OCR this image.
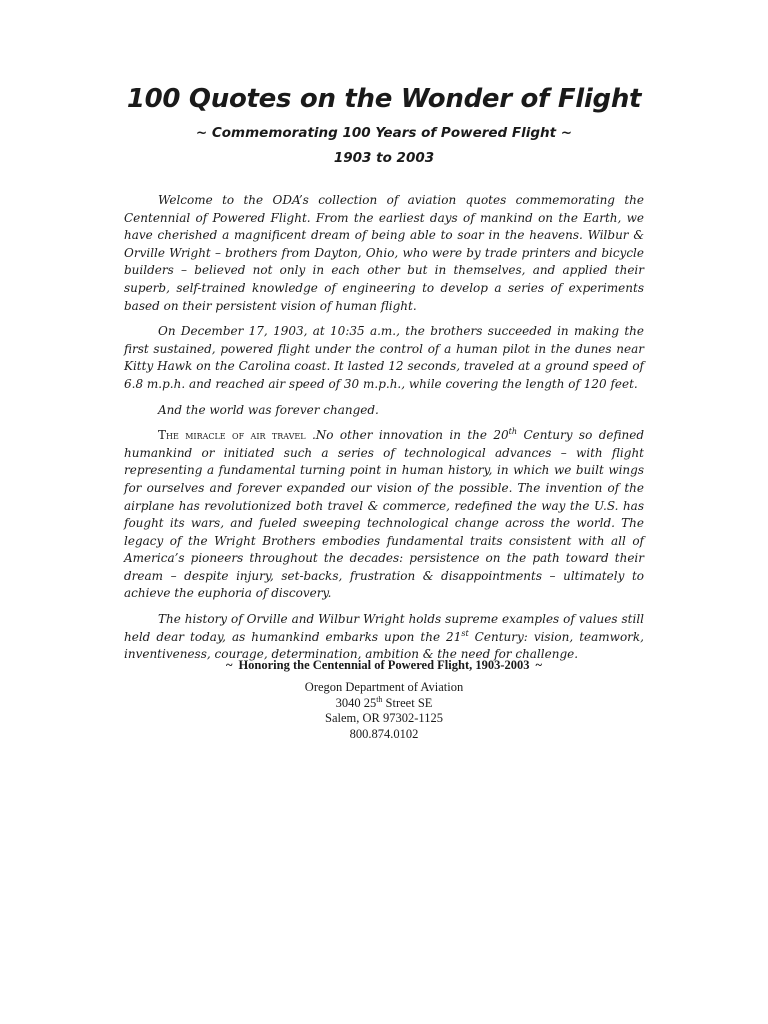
100 Quotes on the Wonder of Flight
~ Commemorating 100 Years of Powered Flight ~
1903 to 2003

Welcome to the ODA’s collection of aviation quotes commemorating the Centennial of Powered Flight. From the earliest days of mankind on the Earth, we have cherished a magnificent dream of being able to soar in the heavens. Wilbur & Orville Wright – brothers from Dayton, Ohio, who were by trade printers and bicycle builders – believed not only in each other but in themselves, and applied their superb, self-trained knowledge of engineering to develop a series of experiments based on their persistent vision of human flight.

On December 17, 1903, at 10:35 a.m., the brothers succeeded in making the first sustained, powered flight under the control of a human pilot in the dunes near Kitty Hawk on the Carolina coast. It lasted 12 seconds, traveled at a ground speed of 6.8 m.p.h. and reached air speed of 30 m.p.h., while covering the length of 120 feet.

And the world was forever changed.

The miracle of air travel .No other innovation in the 20th Century so defined humankind or initiated such a series of technological advances – with flight representing a fundamental turning point in human history, in which we built wings for ourselves and forever expanded our vision of the possible. The invention of the airplane has revolutionized both travel & commerce, redefined the way the U.S. has fought its wars, and fueled sweeping technological change across the world. The legacy of the Wright Brothers embodies fundamental traits consistent with all of America’s pioneers throughout the decades: persistence on the path toward their dream – despite injury, set-backs, frustration & disappointments – ultimately to achieve the euphoria of discovery.

The history of Orville and Wilbur Wright holds supreme examples of values still held dear today, as humankind embarks upon the 21st Century: vision, teamwork, inventiveness, courage, determination, ambition & the need for challenge.

~ Honoring the Centennial of Powered Flight, 1903-2003 ~
Oregon Department of Aviation
3040 25th Street SE
Salem, OR 97302-1125
800.874.0102
